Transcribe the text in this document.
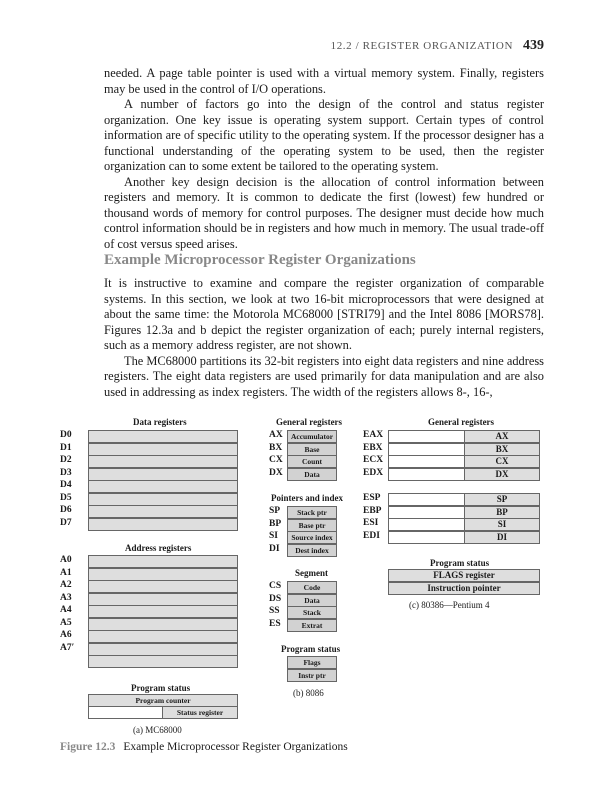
12.2 / REGISTER ORGANIZATION 439

needed. A page table pointer is used with a virtual memory system. Finally, registers may be used in the control of I/O operations.

A number of factors go into the design of the control and status register organization. One key issue is operating system support. Certain types of control information are of specific utility to the operating system. If the processor designer has a functional understanding of the operating system to be used, then the register organization can to some extent be tailored to the operating system.

Another key design decision is the allocation of control information between registers and memory. It is common to dedicate the first (lowest) few hundred or thousand words of memory for control purposes. The designer must decide how much control information should be in registers and how much in memory. The usual trade-off of cost versus speed arises.

Example Microprocessor Register Organizations

It is instructive to examine and compare the register organization of comparable systems. In this section, we look at two 16-bit microprocessors that were designed at about the same time: the Motorola MC68000 [STRI79] and the Intel 8086 [MORS78]. Figures 12.3a and b depict the register organization of each; purely internal registers, such as a memory address register, are not shown.

The MC68000 partitions its 32-bit registers into eight data registers and nine address registers. The eight data registers are used primarily for data manipulation and are also used in addressing as index registers. The width of the registers allows 8-, 16-,

Data registers
D0
D1
D2
D3
D4
D5
D6
D7
Address registers
A0
A1
A2
A3
A4
A5
A6
A7′
Program status
Program counter
Status register
(a) MC68000
General registers
AX	Accumulator
BX	Base
CX	Count
DX	Data
Pointers and index
SP	Stack ptr
BP	Base ptr
SI	Source index
DI	Dest index
Segment
CS	Code
DS	Data
SS	Stack
ES	Extrat
Program status
Flags
Instr ptr
(b) 8086
General registers
EAX	AX
EBX	BX
ECX	CX
EDX	DX
ESP	SP
EBP	BP
ESI	SI
EDI	DI
Program status
FLAGS register
Instruction pointer
(c) 80386—Pentium 4
Figure 12.3 Example Microprocessor Register Organizations
